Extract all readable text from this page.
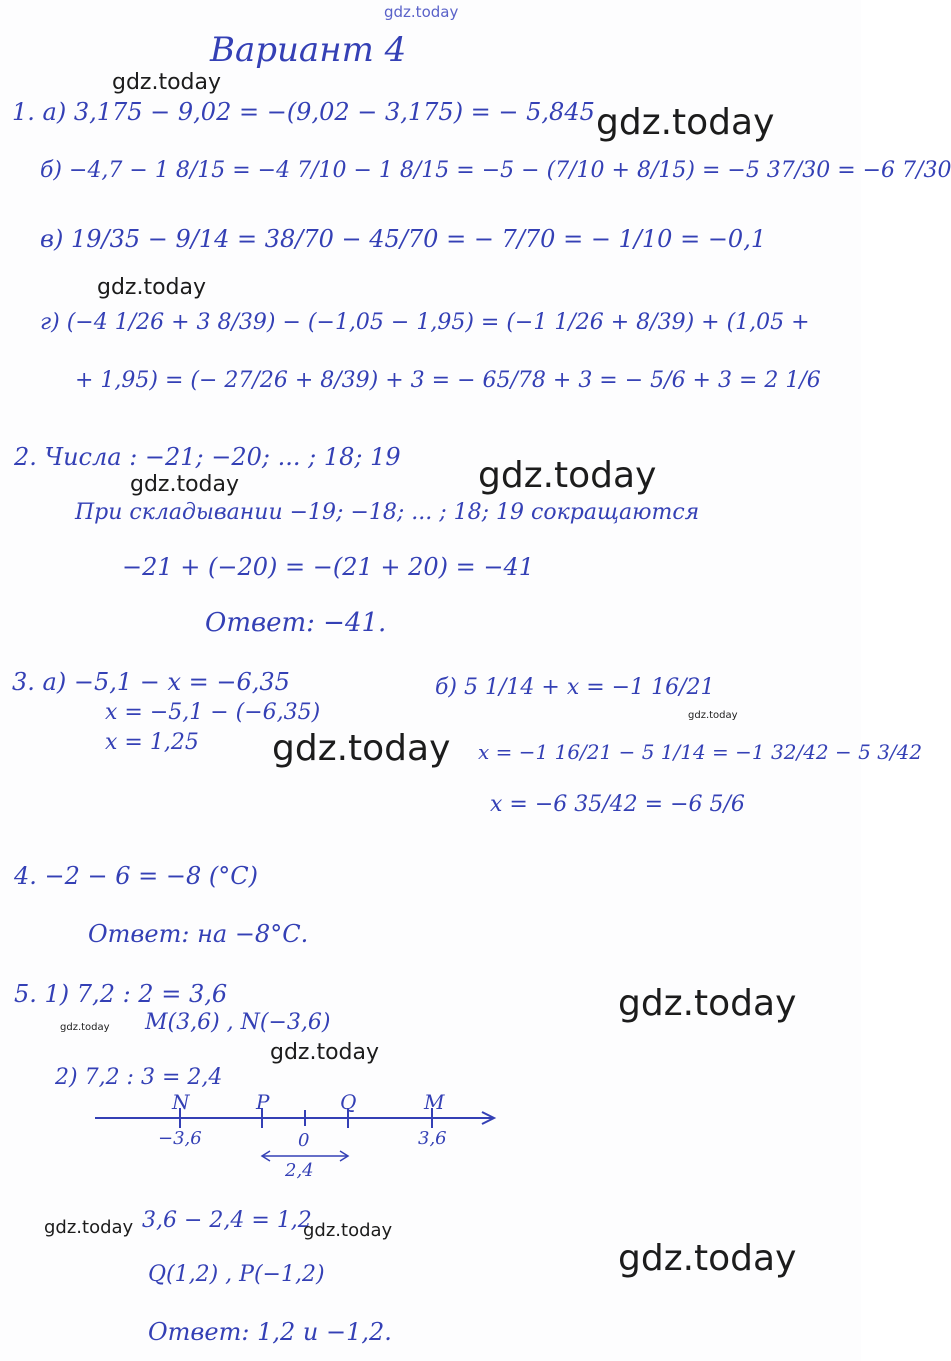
gdz.today
Вариант 4
1. а) 3,175 − 9,02 = −(9,02 − 3,175) = − 5,845
б) −4,7 − 1 8/15 = −4 7/10 − 1 8/15 = −5 − (7/10 + 8/15) = −5 37/30 = −6 7/30
в) 19/35 − 9/14 = 38/70 − 45/70 = − 7/70 = − 1/10 = −0,1
г) (−4 1/26 + 3 8/39) − (−1,05 − 1,95) = (−1 1/26 + 8/39) + (1,05 +
+ 1,95) = (− 27/26 + 8/39) + 3 = − 65/78 + 3 = − 5/6 + 3 = 2 1/6
2. Числа : −21; −20; ... ; 18; 19
При складывании −19; −18; ... ; 18; 19 сокращаются
−21 + (−20) = −(21 + 20) = −41
Ответ: −41.
3. а) −5,1 − x = −6,35
x = −5,1 − (−6,35)
x = 1,25
б) 5 1/14 + x = −1 16/21
x = −1 16/21 − 5 1/14 = −1 32/42 − 5 3/42
x = −6 35/42 = −6 5/6
4. −2 − 6 = −8 (°C)
Ответ: на −8°С.
5. 1) 7,2 : 2 = 3,6
M(3,6) , N(−3,6)
2) 7,2 : 3 = 2,4
N	P	Q	M
−3,6	0	3,6
2,4
3,6 − 2,4 = 1,2
Q(1,2) , P(−1,2)
Ответ: 1,2 и −1,2.
gdz.today
gdz.today
gdz.today
gdz.today
gdz.today
gdz.today
gdz.today
gdz.today
gdz.today
gdz.today
gdz.today	gdz.today
gdz.today
